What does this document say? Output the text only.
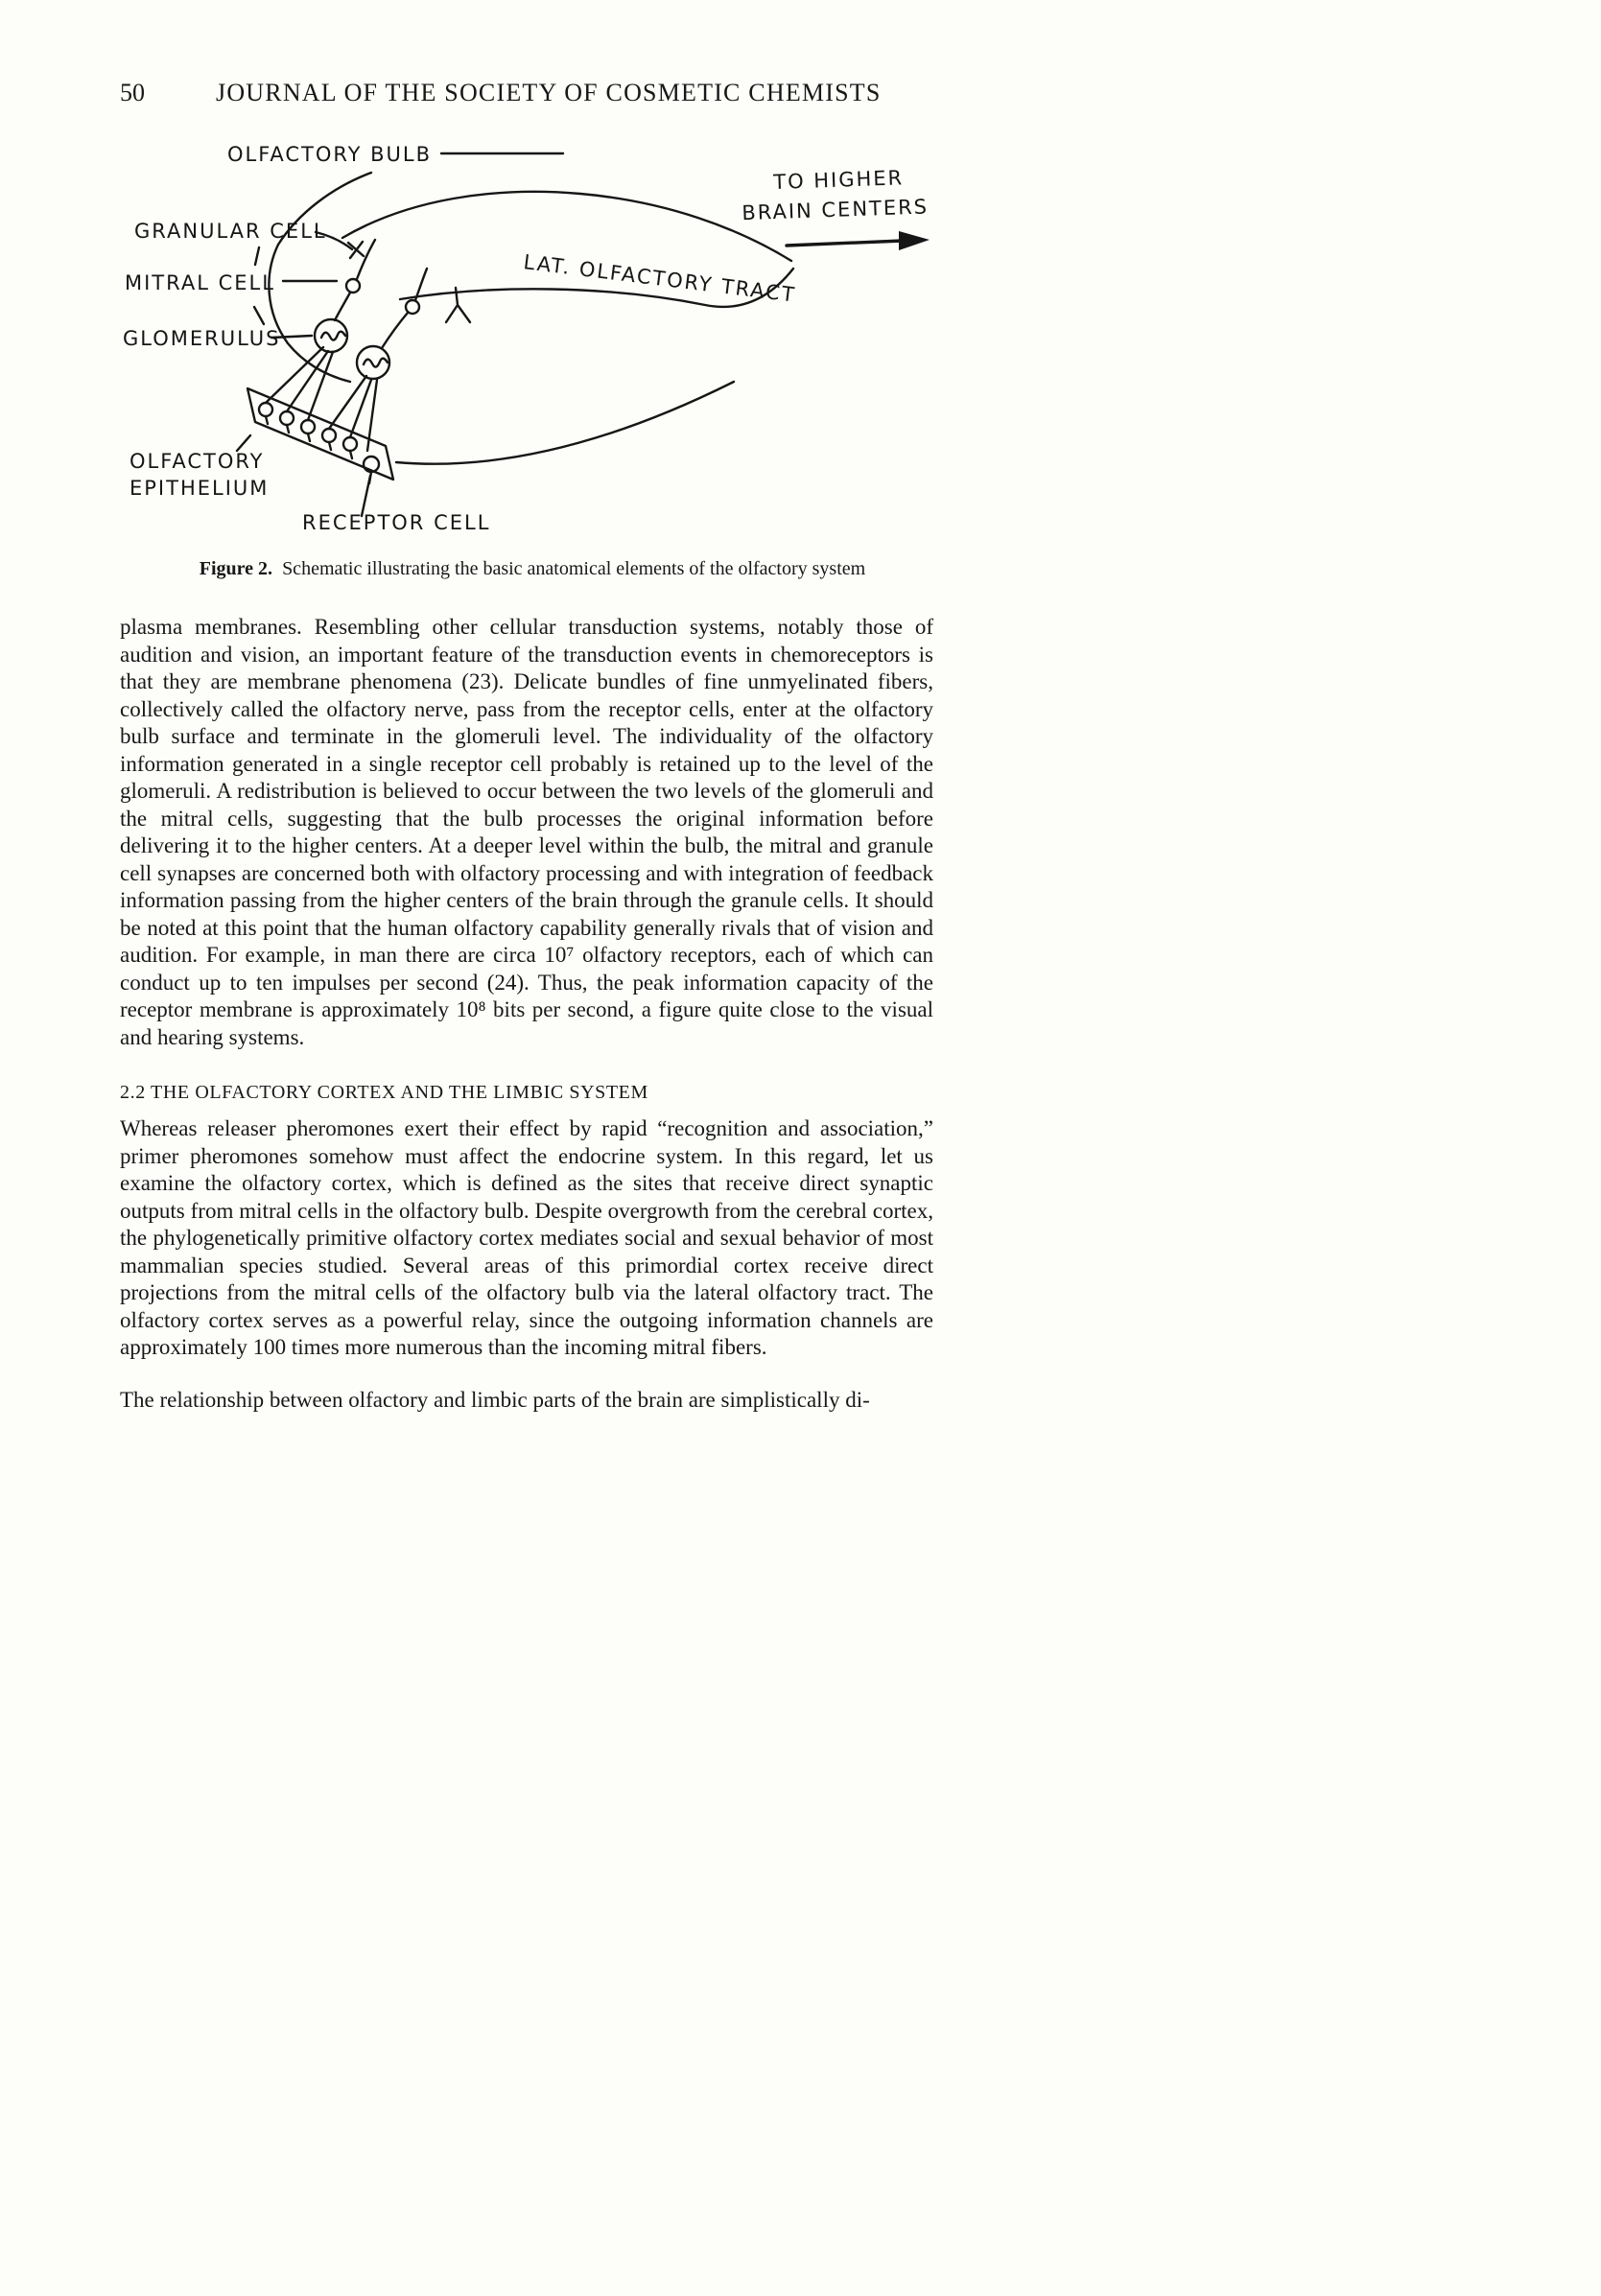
50	JOURNAL OF THE SOCIETY OF COSMETIC CHEMISTS
OLFACTORY BULB
GRANULAR CELL
MITRAL CELL
GLOMERULUS
LAT. OLFACTORY TRACT
TO HIGHER
BRAIN CENTERS
OLFACTORY
EPITHELIUM
RECEPTOR CELL
Figure 2. Schematic illustrating the basic anatomical elements of the olfactory system

plasma membranes. Resembling other cellular transduction systems, notably those of audition and vision, an important feature of the transduction events in chemoreceptors is that they are membrane phenomena (23). Delicate bundles of fine unmyelinated fibers, collectively called the olfactory nerve, pass from the receptor cells, enter at the olfactory bulb surface and terminate in the glomeruli level. The individuality of the olfactory information generated in a single receptor cell probably is retained up to the level of the glomeruli. A redistribution is believed to occur between the two levels of the glomeruli and the mitral cells, suggesting that the bulb processes the original information before delivering it to the higher centers. At a deeper level within the bulb, the mitral and granule cell synapses are concerned both with olfactory processing and with integration of feedback information passing from the higher centers of the brain through the granule cells. It should be noted at this point that the human olfactory capability generally rivals that of vision and audition. For example, in man there are circa 10⁷ olfactory receptors, each of which can conduct up to ten impulses per second (24). Thus, the peak information capacity of the receptor membrane is approximately 10⁸ bits per second, a figure quite close to the visual and hearing systems.

2.2 THE OLFACTORY CORTEX AND THE LIMBIC SYSTEM

Whereas releaser pheromones exert their effect by rapid “recognition and association,” primer pheromones somehow must affect the endocrine system. In this regard, let us examine the olfactory cortex, which is defined as the sites that receive direct synaptic outputs from mitral cells in the olfactory bulb. Despite overgrowth from the cerebral cortex, the phylogenetically primitive olfactory cortex mediates social and sexual behavior of most mammalian species studied. Several areas of this primordial cortex receive direct projections from the mitral cells of the olfactory bulb via the lateral olfactory tract. The olfactory cortex serves as a powerful relay, since the outgoing information channels are approximately 100 times more numerous than the incoming mitral fibers.

The relationship between olfactory and limbic parts of the brain are simplistically di-
